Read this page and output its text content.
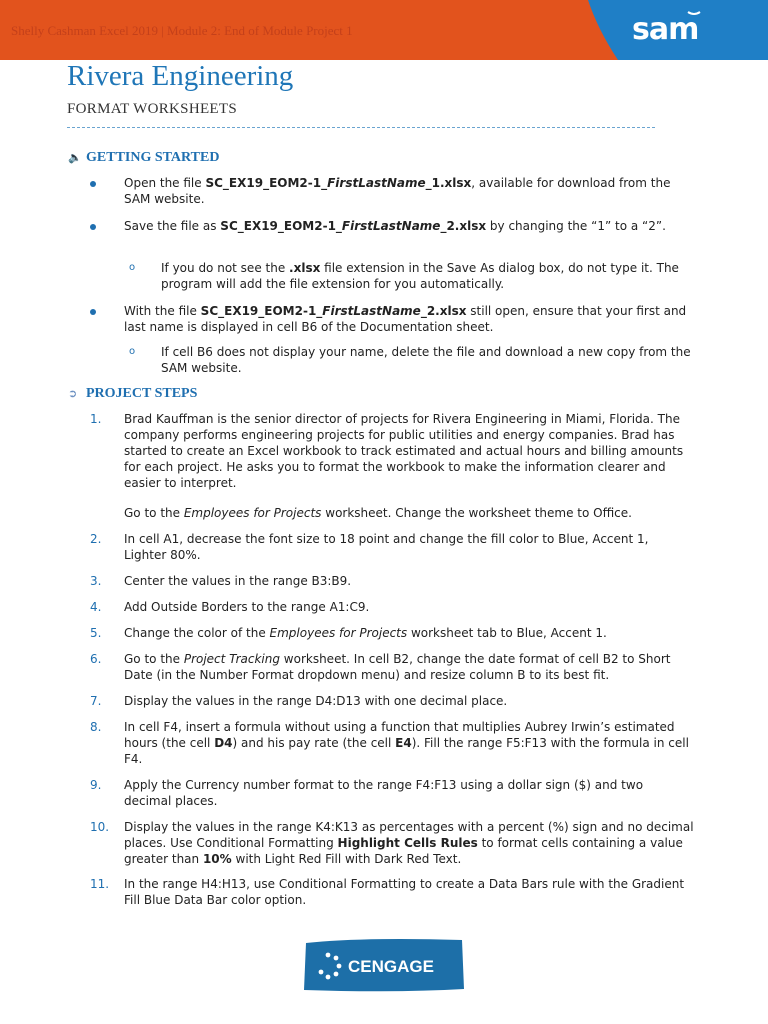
Shelly Cashman Excel 2019 | Module 2: End of Module Project 1	sam
Rivera Engineering
FORMAT WORKSHEETS
🔈 GETTING STARTED
Open the file SC_EX19_EOM2-1_FirstLastName_1.xlsx, available for download from the SAM website.
Save the file as SC_EX19_EOM2-1_FirstLastName_2.xlsx by changing the “1” to a “2”.
o If you do not see the .xlsx file extension in the Save As dialog box, do not type it. The program will add the file extension for you automatically.
With the file SC_EX19_EOM2-1_FirstLastName_2.xlsx still open, ensure that your first and last name is displayed in cell B6 of the Documentation sheet.
o If cell B6 does not display your name, delete the file and download a new copy from the SAM website.
➲ PROJECT STEPS
1. Brad Kauffman is the senior director of projects for Rivera Engineering in Miami, Florida. The company performs engineering projects for public utilities and energy companies. Brad has started to create an Excel workbook to track estimated and actual hours and billing amounts for each project. He asks you to format the workbook to make the information clearer and easier to interpret.
Go to the Employees for Projects worksheet. Change the worksheet theme to Office.
2. In cell A1, decrease the font size to 18 point and change the fill color to Blue, Accent 1, Lighter 80%.
3. Center the values in the range B3:B9.
4. Add Outside Borders to the range A1:C9.
5. Change the color of the Employees for Projects worksheet tab to Blue, Accent 1.
6. Go to the Project Tracking worksheet. In cell B2, change the date format of cell B2 to Short Date (in the Number Format dropdown menu) and resize column B to its best fit.
7. Display the values in the range D4:D13 with one decimal place.
8. In cell F4, insert a formula without using a function that multiplies Aubrey Irwin’s estimated hours (the cell D4) and his pay rate (the cell E4). Fill the range F5:F13 with the formula in cell F4.
9. Apply the Currency number format to the range F4:F13 using a dollar sign ($) and two decimal places.
10. Display the values in the range K4:K13 as percentages with a percent (%) sign and no decimal places. Use Conditional Formatting Highlight Cells Rules to format cells containing a value greater than 10% with Light Red Fill with Dark Red Text.
11. In the range H4:H13, use Conditional Formatting to create a Data Bars rule with the Gradient Fill Blue Data Bar color option.
CENGAGE
